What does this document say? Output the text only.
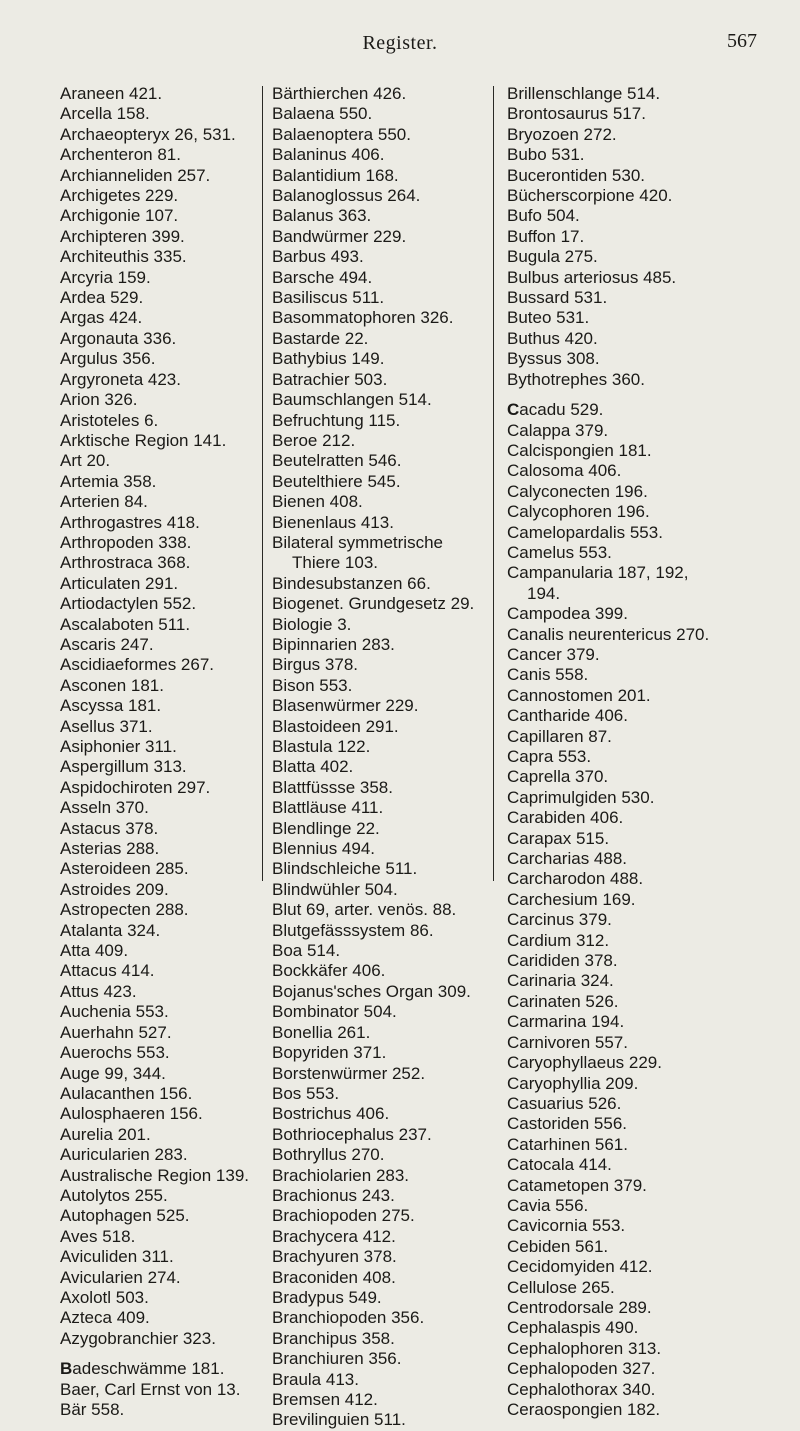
Register.	567
Araneen 421.
Arcella 158.
Archaeopteryx 26, 531.
Archenteron 81.
Archianneliden 257.
Archigetes 229.
Archigonie 107.
Archipteren 399.
Architeuthis 335.
Arcyria 159.
Ardea 529.
Argas 424.
Argonauta 336.
Argulus 356.
Argyroneta 423.
Arion 326.
Aristoteles 6.
Arktische Region 141.
Art 20.
Artemia 358.
Arterien 84.
Arthrogastres 418.
Arthropoden 338.
Arthrostraca 368.
Articulaten 291.
Artiodactylen 552.
Ascalaboten 511.
Ascaris 247.
Ascidiaeformes 267.
Asconen 181.
Ascyssa 181.
Asellus 371.
Asiphonier 311.
Aspergillum 313.
Aspidochiroten 297.
Asseln 370.
Astacus 378.
Asterias 288.
Asteroideen 285.
Astroides 209.
Astropecten 288.
Atalanta 324.
Atta 409.
Attacus 414.
Attus 423.
Auchenia 553.
Auerhahn 527.
Auerochs 553.
Auge 99, 344.
Aulacanthen 156.
Aulosphaeren 156.
Aurelia 201.
Auricularien 283.
Australische Region 139.
Autolytos 255.
Autophagen 525.
Aves 518.
Aviculiden 311.
Avicularien 274.
Axolotl 503.
Azteca 409.
Azygobranchier 323.
Badeschwämme 181.
Baer, Carl Ernst von 13.
Bär 558.
Bärthierchen 426.
Balaena 550.
Balaenoptera 550.
Balaninus 406.
Balantidium 168.
Balanoglossus 264.
Balanus 363.
Bandwürmer 229.
Barbus 493.
Barsche 494.
Basiliscus 511.
Basommatophoren 326.
Bastarde 22.
Bathybius 149.
Batrachier 503.
Baumschlangen 514.
Befruchtung 115.
Beroe 212.
Beutelratten 546.
Beutelthiere 545.
Bienen 408.
Bienenlaus 413.
Bilateral symmetrische
Thiere 103.
Bindesubstanzen 66.
Biogenet. Grundgesetz 29.
Biologie 3.
Bipinnarien 283.
Birgus 378.
Bison 553.
Blasenwürmer 229.
Blastoideen 291.
Blastula 122.
Blatta 402.
Blattfüssse 358.
Blattläuse 411.
Blendlinge 22.
Blennius 494.
Blindschleiche 511.
Blindwühler 504.
Blut 69, arter. venös. 88.
Blutgefässsystem 86.
Boa 514.
Bockkäfer 406.
Bojanus'sches Organ 309.
Bombinator 504.
Bonellia 261.
Bopyriden 371.
Borstenwürmer 252.
Bos 553.
Bostrichus 406.
Bothriocephalus 237.
Bothryllus 270.
Brachiolarien 283.
Brachionus 243.
Brachiopoden 275.
Brachycera 412.
Brachyuren 378.
Braconiden 408.
Bradypus 549.
Branchiopoden 356.
Branchipus 358.
Branchiuren 356.
Braula 413.
Bremsen 412.
Brevilinguien 511.
Brillenschlange 514.
Brontosaurus 517.
Bryozoen 272.
Bubo 531.
Bucerontiden 530.
Bücherscorpione 420.
Bufo 504.
Buffon 17.
Bugula 275.
Bulbus arteriosus 485.
Bussard 531.
Buteo 531.
Buthus 420.
Byssus 308.
Bythotrephes 360.
Cacadu 529.
Calappa 379.
Calcispongien 181.
Calosoma 406.
Calyconecten 196.
Calycophoren 196.
Camelopardalis 553.
Camelus 553.
Campanularia 187, 192,
194.
Campodea 399.
Canalis neurentericus 270.
Cancer 379.
Canis 558.
Cannostomen 201.
Cantharide 406.
Capillaren 87.
Capra 553.
Caprella 370.
Caprimulgiden 530.
Carabiden 406.
Carapax 515.
Carcharias 488.
Carcharodon 488.
Carchesium 169.
Carcinus 379.
Cardium 312.
Carididen 378.
Carinaria 324.
Carinaten 526.
Carmarina 194.
Carnivoren 557.
Caryophyllaeus 229.
Caryophyllia 209.
Casuarius 526.
Castoriden 556.
Catarhinen 561.
Catocala 414.
Catametopen 379.
Cavia 556.
Cavicornia 553.
Cebiden 561.
Cecidomyiden 412.
Cellulose 265.
Centrodorsale 289.
Cephalaspis 490.
Cephalophoren 313.
Cephalopoden 327.
Cephalothorax 340.
Ceraospongien 182.
